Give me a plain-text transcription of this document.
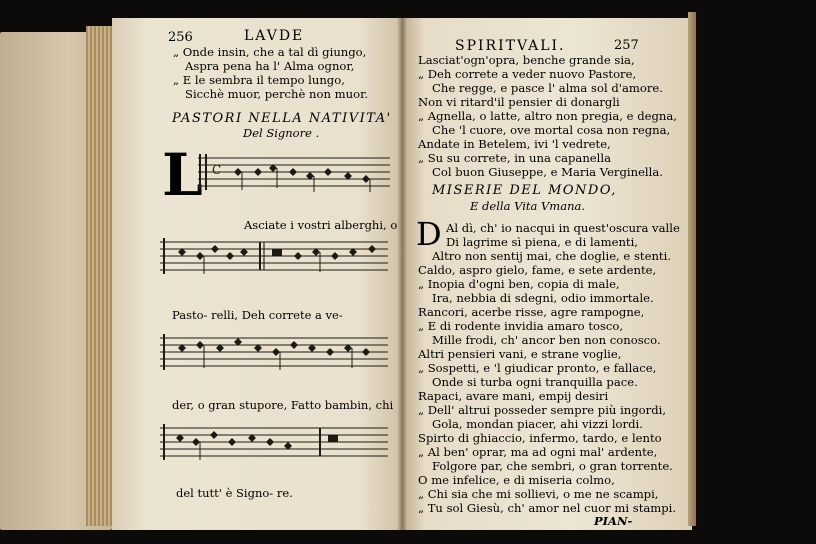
256	LAVDE
„ Onde insin, che a tal dì giungo,
Aspra pena ha l' Alma ognor,
„ E le sembra il tempo lungo,
Sicchè muor, perchè non muor.
PASTORI NELLA NATIVITA'
Del Signore .
L C
Asciate i vostri alberghi, o
Pasto- relli, Deh correte a ve-
der, o gran stupore, Fatto bambin, chi
del tutt' è Signo- re.
SPIRITVALI.	257
Lasciat'ogn'opra, benche grande sia,
„ Deh correte a veder nuovo Pastore,
Che regge, e pasce l' alma sol d'amore.
Non vi ritard'il pensier di donargli
„ Agnella, o latte, altro non pregia, e degna,
Che 'l cuore, ove mortal cosa non regna,
Andate in Betelem, ivi 'l vedrete,
„ Su su correte, in una capanella
Col buon Giuseppe, e Maria Verginella.
MISERIE DEL MONDO,
E della Vita Vmana.
D Al dì, ch' io nacqui in quest'oscura valle
Di lagrime sì piena, e di lamenti,
Altro non sentij mai, che doglie, e stenti.
Caldo, aspro gielo, fame, e sete ardente,
„ Inopia d'ogni ben, copia di male,
Ira, nebbia di sdegni, odio immortale.
Rancori, acerbe risse, agre rampogne,
„ E di rodente invidia amaro tosco,
Mille frodi, ch' ancor ben non conosco.
Altri pensieri vani, e strane voglie,
„ Sospetti, e 'l giudicar pronto, e fallace,
Onde si turba ogni tranquilla pace.
Rapaci, avare mani, empij desiri
„ Dell' altrui posseder sempre più ingordi,
Gola, mondan piacer, ahi vizzi lordi.
Spirto di ghiaccio, infermo, tardo, e lento
„ Al ben' oprar, ma ad ogni mal' ardente,
Folgore par, che sembri, o gran torrente.
O me infelice, e di miseria colmo,
„ Chi sia che mi sollievi, o me ne scampi,
„ Tu sol Giesù, ch' amor nel cuor mi stampi.
PIAN-
